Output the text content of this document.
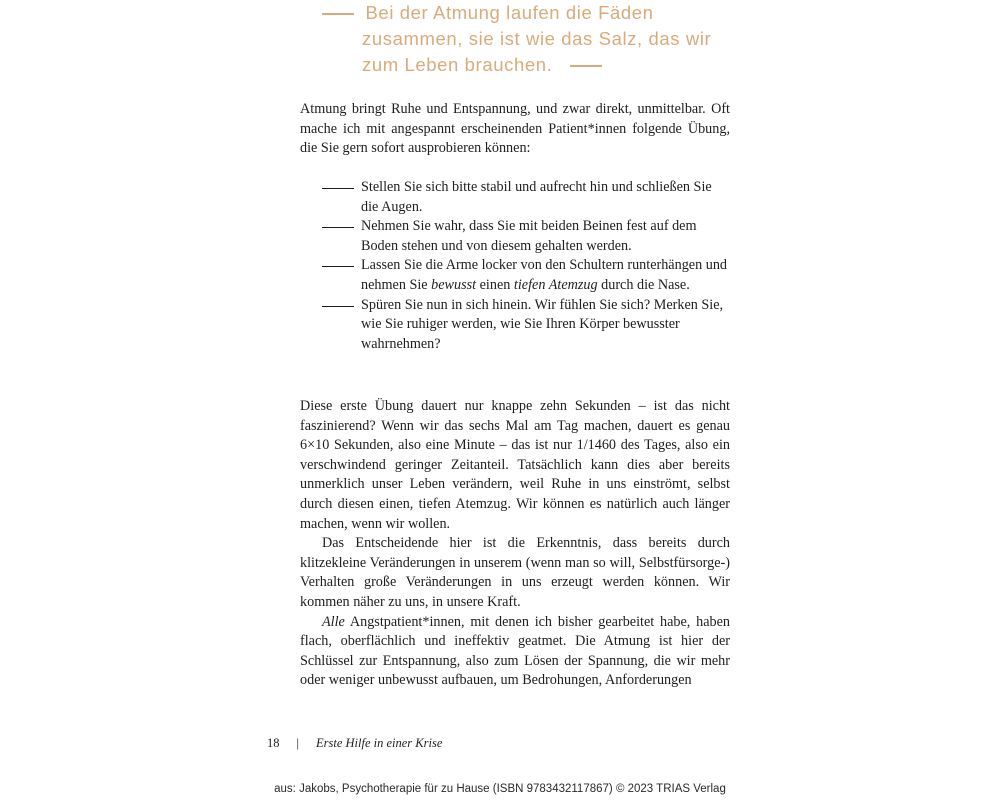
Bei der Atmung laufen die Fäden
zusammen, sie ist wie das Salz, das wir
zum Leben brauchen.

Atmung bringt Ruhe und Entspannung, und zwar direkt, unmittelbar. Oft mache ich mit angespannt erscheinenden Patient*innen folgende Übung, die Sie gern sofort ausprobieren können:

Stellen Sie sich bitte stabil und aufrecht hin und schließen Sie die Augen.
Nehmen Sie wahr, dass Sie mit beiden Beinen fest auf dem Boden stehen und von diesem gehalten werden.
Lassen Sie die Arme locker von den Schultern runterhängen und nehmen Sie bewusst einen tiefen Atemzug durch die Nase.
Spüren Sie nun in sich hinein. Wir fühlen Sie sich? Merken Sie, wie Sie ruhiger werden, wie Sie Ihren Körper bewusster wahrnehmen?

Diese erste Übung dauert nur knappe zehn Sekunden – ist das nicht faszinierend? Wenn wir das sechs Mal am Tag machen, dauert es genau 6×10 Sekunden, also eine Minute – das ist nur 1/1460 des Tages, also ein verschwindend geringer Zeitanteil. Tatsächlich kann dies aber bereits unmerklich unser Leben verändern, weil Ruhe in uns einströmt, selbst durch diesen einen, tiefen Atemzug. Wir können es natürlich auch länger machen, wenn wir wollen.

Das Entscheidende hier ist die Erkenntnis, dass bereits durch klitzekleine Veränderungen in unserem (wenn man so will, Selbstfürsorge-) Verhalten große Veränderungen in uns erzeugt werden können. Wir kommen näher zu uns, in unsere Kraft.

Alle Angstpatient*innen, mit denen ich bisher gearbeitet habe, haben flach, oberflächlich und ineffektiv geatmet. Die Atmung ist hier der Schlüssel zur Entspannung, also zum Lösen der Spannung, die wir mehr oder weniger unbewusst aufbauen, um Bedrohungen, Anforderungen

18 | Erste Hilfe in einer Krise
aus: Jakobs, Psychotherapie für zu Hause (ISBN 9783432117867) © 2023 TRIAS Verlag
